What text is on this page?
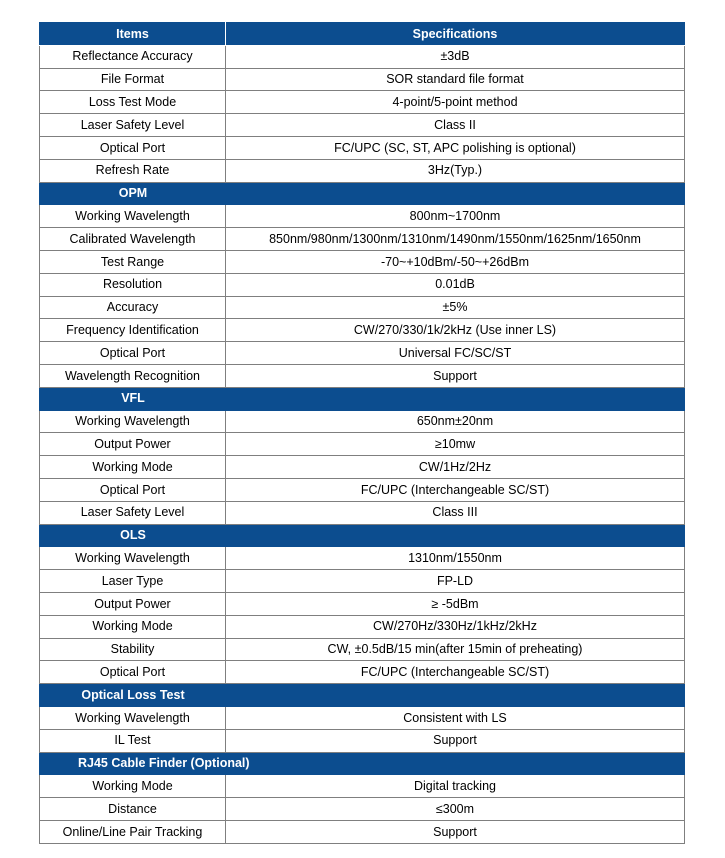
Items	Specifications
Reflectance Accuracy	±3dB
File Format	SOR standard file format
Loss Test Mode	4-point/5-point method
Laser Safety Level	Class II
Optical Port	FC/UPC (SC, ST, APC polishing is optional)
Refresh Rate	3Hz(Typ.)
OPM	
Working Wavelength	800nm~1700nm
Calibrated Wavelength	850nm/980nm/1300nm/1310nm/1490nm/1550nm/1625nm/1650nm
Test Range	-70~+10dBm/-50~+26dBm
Resolution	0.01dB
Accuracy	±5%
Frequency Identification	CW/270/330/1k/2kHz (Use inner LS)
Optical Port	Universal FC/SC/ST
Wavelength Recognition	Support
VFL	
Working Wavelength	650nm±20nm
Output Power	≥10mw
Working Mode	CW/1Hz/2Hz
Optical Port	FC/UPC (Interchangeable SC/ST)
Laser Safety Level	Class III
OLS	
Working Wavelength	1310nm/1550nm
Laser Type	FP-LD
Output Power	≥ -5dBm
Working Mode	CW/270Hz/330Hz/1kHz/2kHz
Stability	CW, ±0.5dB/15 min(after 15min of preheating)
Optical Port	FC/UPC (Interchangeable SC/ST)
Optical Loss Test	
Working Wavelength	Consistent with LS
IL Test	Support
RJ45 Cable Finder (Optional)	
Working Mode	Digital tracking
Distance	≤300m
Online/Line Pair Tracking	Support
